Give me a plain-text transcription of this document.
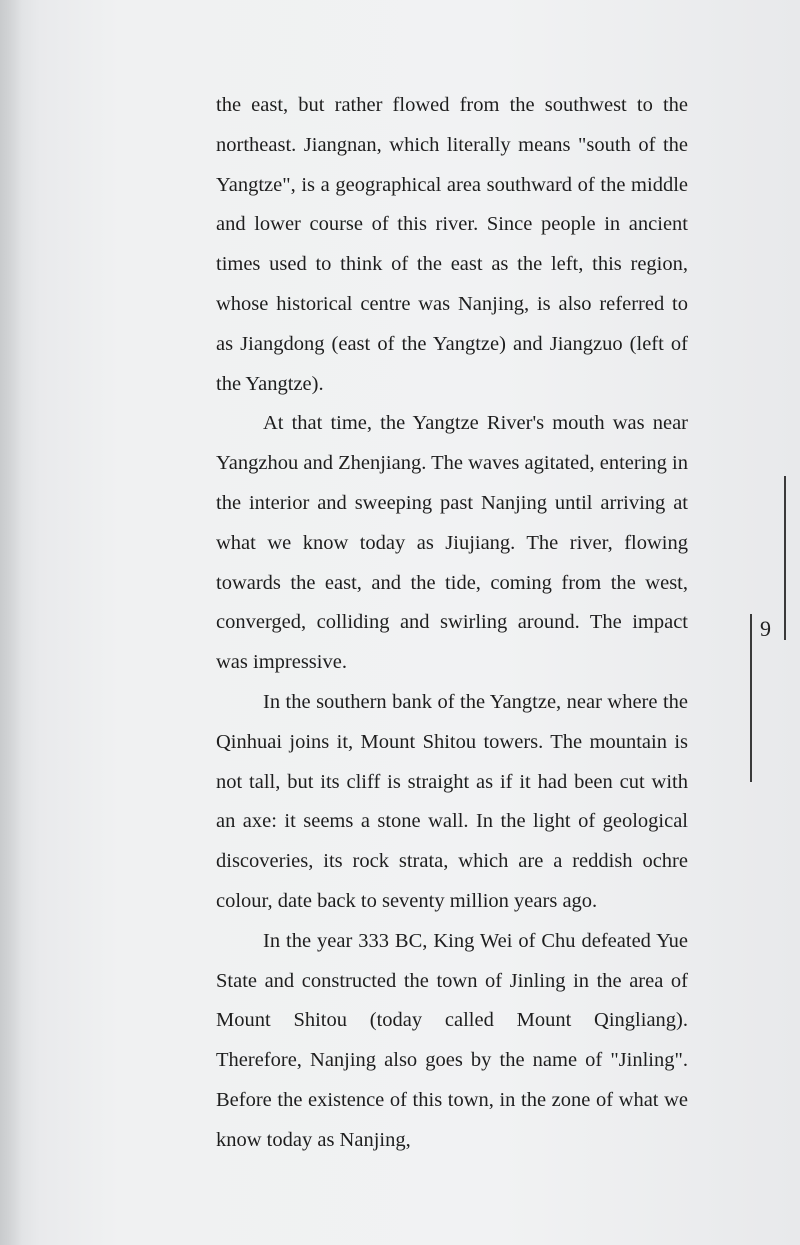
the east, but rather flowed from the southwest to the northeast. Jiangnan, which literally means "south of the Yangtze", is a geographical area southward of the middle and lower course of this river. Since people in ancient times used to think of the east as the left, this region, whose historical centre was Nanjing, is also referred to as Jiangdong (east of the Yangtze) and Jiangzuo (left of the Yangtze).

At that time, the Yangtze River's mouth was near Yangzhou and Zhenjiang. The waves agitated, entering in the interior and sweeping past Nanjing until arriving at what we know today as Jiujiang. The river, flowing towards the east, and the tide, coming from the west, converged, colliding and swirling around. The impact was impressive.

In the southern bank of the Yangtze, near where the Qinhuai joins it, Mount Shitou towers. The mountain is not tall, but its cliff is straight as if it had been cut with an axe: it seems a stone wall. In the light of geological discoveries, its rock strata, which are a reddish ochre colour, date back to seventy million years ago.

In the year 333 BC, King Wei of Chu defeated Yue State and constructed the town of Jinling in the area of Mount Shitou (today called Mount Qingliang). Therefore, Nanjing also goes by the name of "Jinling". Before the existence of this town, in the zone of what we know today as Nanjing,

9
